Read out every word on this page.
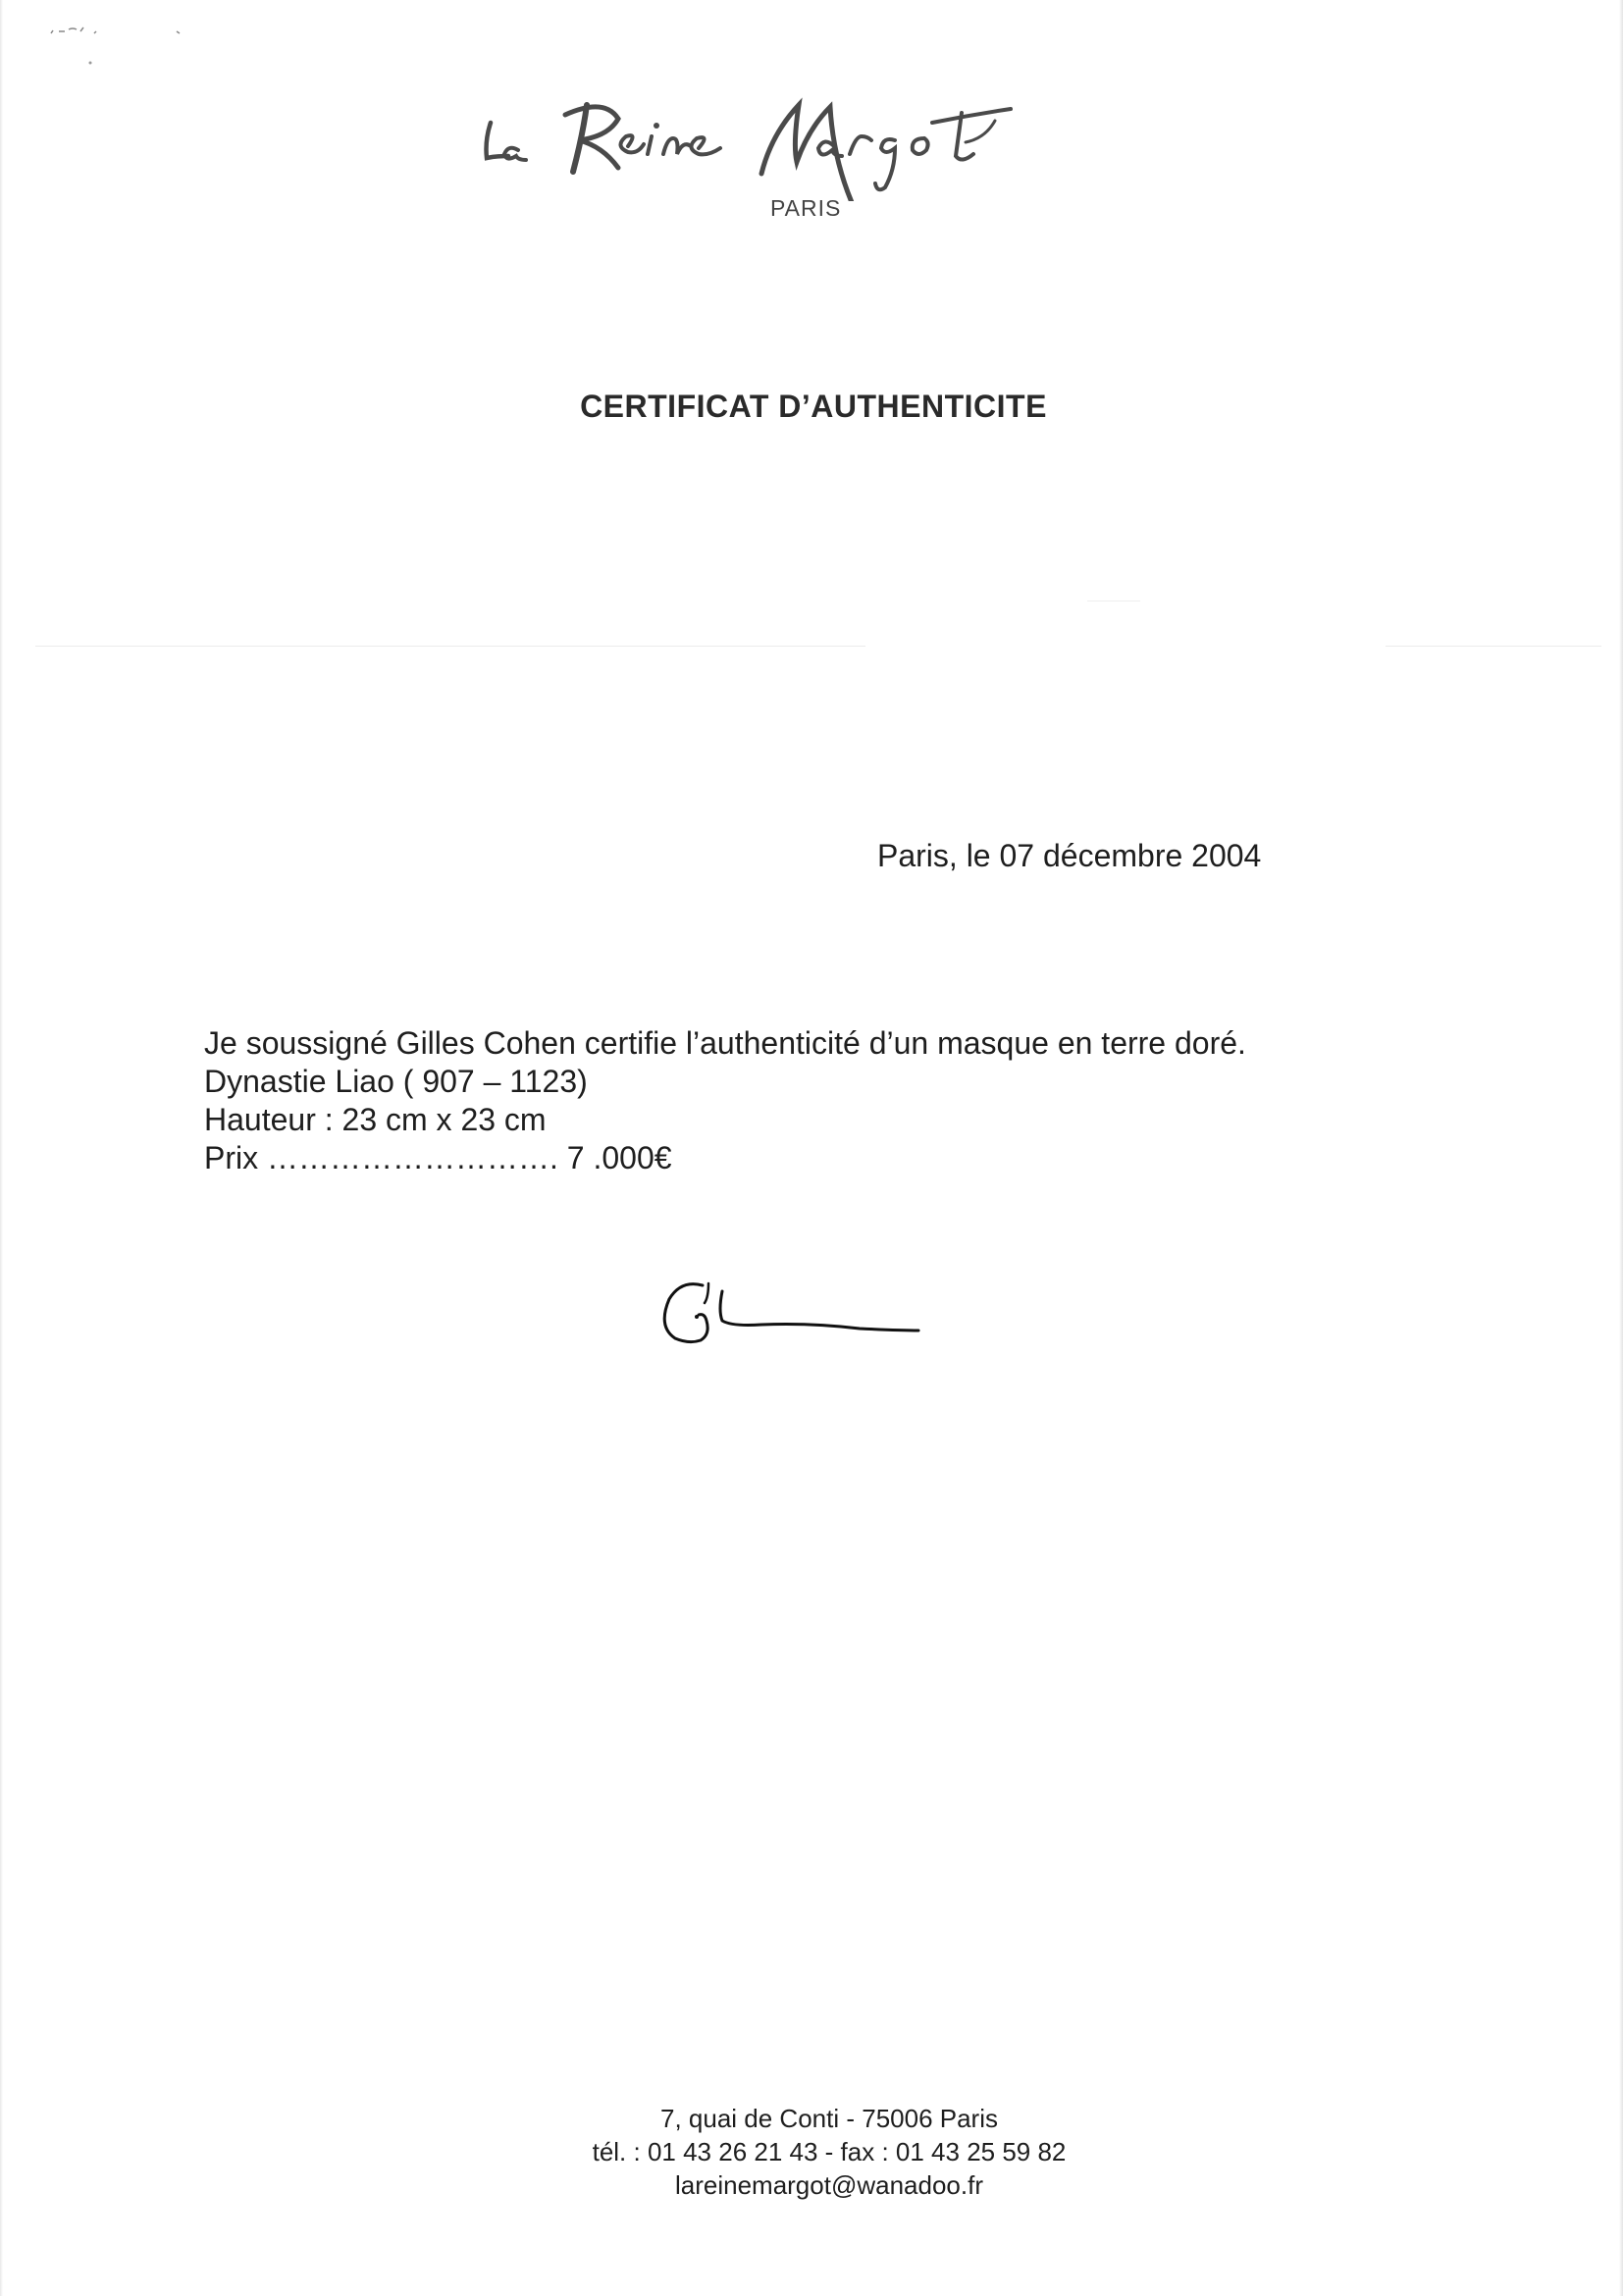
PARIS
CERTIFICAT D’AUTHENTICITE
Paris, le 07 décembre 2004
Je soussigné Gilles Cohen certifie l’authenticité d’un masque en terre doré.
Dynastie Liao ( 907 – 1123)
Hauteur : 23 cm x 23 cm
Prix ………………………. 7 .000€
7, quai de Conti - 75006 Paris
tél. : 01 43 26 21 43 - fax : 01 43 25 59 82
lareinemargot@wanadoo.fr
